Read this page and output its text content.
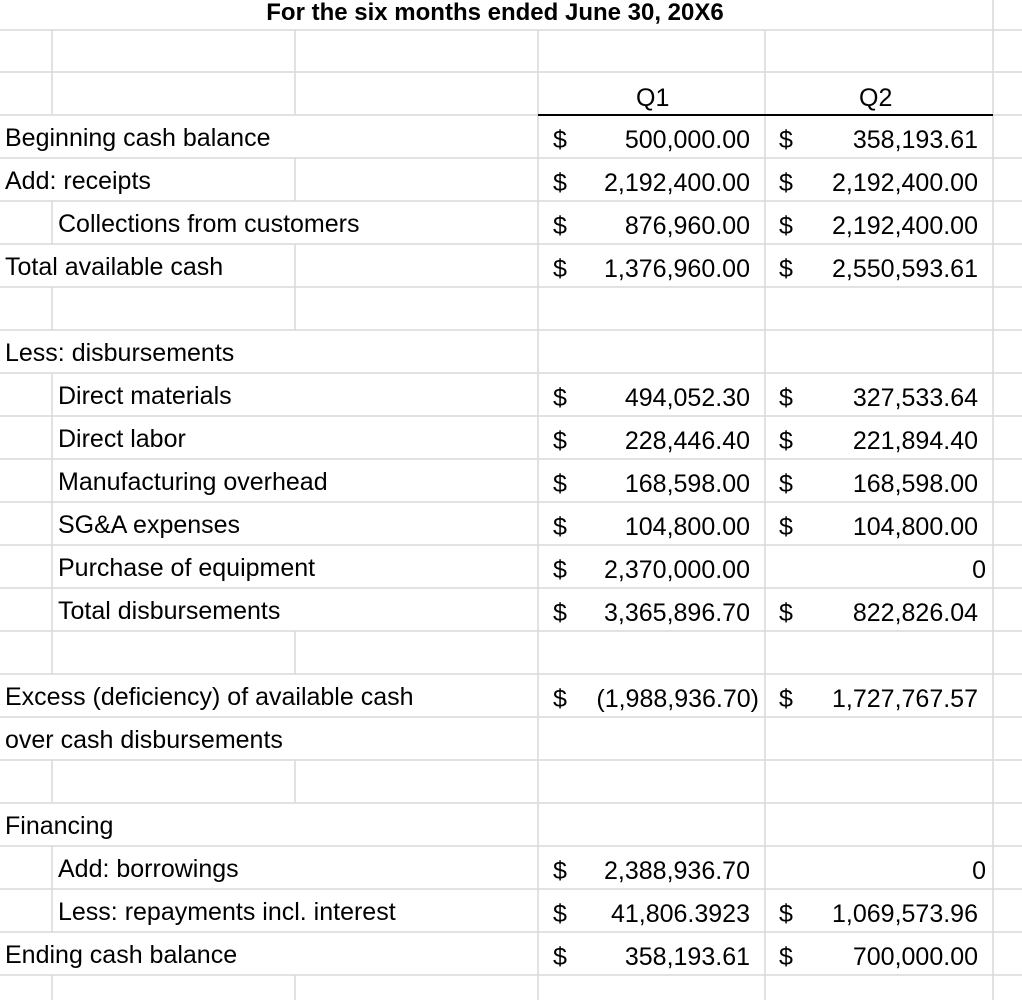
For the six months ended June 30, 20X6
Q1	Q2
Beginning cash balance	$ 500,000.00 $ 358,193.61
Add: receipts	$ 2,192,400.00 $ 2,192,400.00
Collections from customers	$ 876,960.00 $ 2,192,400.00
Total available cash	$ 1,376,960.00 $ 2,550,593.61
Less: disbursements
Direct materials	$ 494,052.30 $ 327,533.64
Direct labor	$ 228,446.40 $ 221,894.40
Manufacturing overhead	$ 168,598.00 $ 168,598.00
SG&A expenses	$ 104,800.00 $ 104,800.00
Purchase of equipment	$ 2,370,000.00	0
Total disbursements	$ 3,365,896.70 $ 822,826.04
Excess (deficiency) of available cash	$ (1,988,936.70) $ 1,727,767.57
over cash disbursements
Financing
Add: borrowings	$ 2,388,936.70	0
Less: repayments incl. interest	$ 41,806.3923 $ 1,069,573.96
Ending cash balance	$ 358,193.61 $ 700,000.00
